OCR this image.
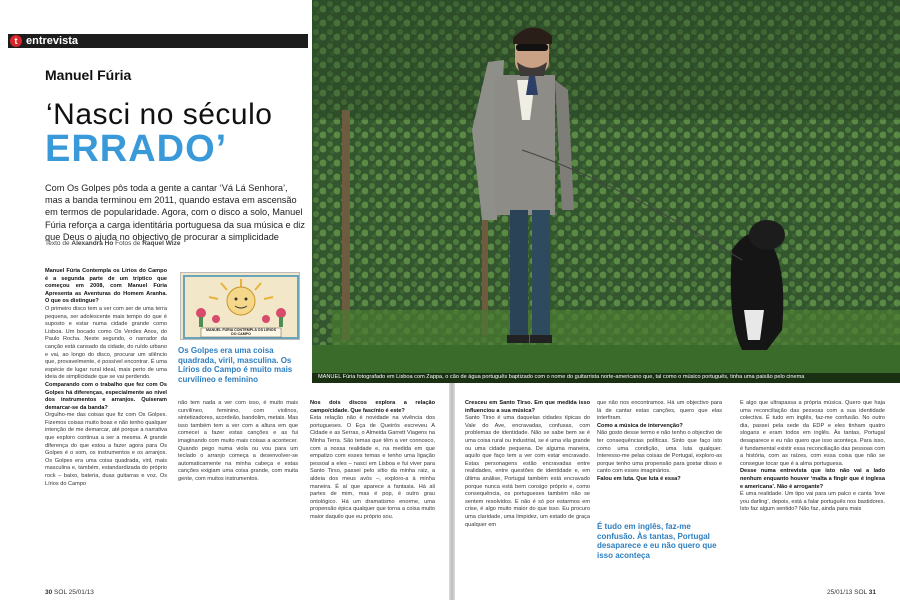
t entrevista
Manuel Fúria
‘Nasci no século
ERRADO’
Com Os Golpes pôs toda a gente a cantar ‘Vá Lá Senhora’, mas a banda terminou em 2011, quando estava em ascensão em termos de popularidade. Agora, com o disco a solo, Manuel Fúria reforça a carga identitária portuguesa da sua música e diz que Deus o ajuda no objectivo de procurar a simplicidade
Texto de Alexandra Ho Fotos de Raquel Wize
MANUEL FÚRIA CONTEMPLA OS LÍRIOS DO CAMPO
Os Golpes era uma coisa quadrada, viril, masculina. Os Lírios do Campo é muito mais curvilíneo e feminino

Manuel Fúria Contempla os Lírios do Campo é a segunda parte de um tríptico que começou em 2008, com Manuel Fúria Apresenta as Aventuras do Homem Aranha. O que os distingue?

O primeiro disco tem a ver com ser de uma terra pequena, ser adolescente mais tempo do que é suposto e estar numa cidade grande como Lisboa. Um bocado como Os Verdes Anos, do Paulo Rocha. Neste segundo, o narrador da canção está cansado da cidade, do ruído urbano e vai, ao longo do disco, procurar um silêncio que, provavelmente, é possível encontrar. É uma espécie de lugar rural ideal, mais perto de uma ideia de simplicidade que se vai perdendo.

Comparando com o trabalho que fez com Os Golpes há diferenças, especialmente ao nível dos instrumentos e arranjos. Quiseram demarcar-se da banda?

Orgulho-me das coisas que fiz com Os Golpes. Fizemos coisas muito boas e não tenho qualquer intenção de me demarcar, até porque a narrativa que exploro continua a ser a mesma. A grande diferença do que estou a fazer agora para Os Golpes é o som, os instrumentos e os arranjos. Os Golpes era uma coisa quadrada, viril, mais masculina e, também, estandardizada do próprio rock – baixo, bateria, duas guitarras e voz. Os Lírios do Campo

não tem nada a ver com isso, é muito mais curvilíneo, feminino, com violinos, sintetizadores, acordeão, bandolim, metais. Mas isso também tem a ver com a altura em que comecei a fazer estas canções e as fui imaginando com muito mais coisas a acontecer. Quando pego numa viola ou vou para um teclado o arranjo começa a desenvolver-se automaticamente na minha cabeça e estas canções exigiam uma coisa grande, com muita gente, com muitos instrumentos.

Nos dois discos explora a relação campo/cidade. Que fascínio é este?

Esta relação não é novidade na vivência dos portugueses. O Eça de Queirós escreveu A Cidade e as Serras, o Almeida Garrett Viagens na Minha Terra. São temas que têm a ver connosco, com a nossa realidade e, na medida em que empatizo com esses temas e tenho uma ligação pessoal a eles – nasci em Lisboa e fui viver para Santo Tirso, passei pelo sítio da minha raiz, a aldeia dos meus avós –, exploro-a à minha maneira. É aí que aparece a fantasia. Há ali partes de mim, mas é pop, é outro grau ontológico. Há um dramatismo enorme, uma propensão épica qualquer que torna a coisa muito maior daquilo que eu próprio sou.

30 SOL 25/01/13
MANUEL Fúria fotografado em Lisboa com Zappa, o cão de água português baptizado com o nome do guitarrista norte-americano que, tal como o músico português, tinha uma paixão pelo cinema

Cresceu em Santo Tirso. Em que medida isso influenciou a sua música?

Santo Tirso é uma daquelas cidades típicas do Vale do Ave, encravadas, confusas, com problemas de identidade. Não se sabe bem se é uma coisa rural ou industrial, se é uma vila grande ou uma cidade pequena. De alguma maneira, aquilo que faço tem a ver com estar encravado. Estas personagens estão encravadas entre realidades, entre questões de identidade e, em última análise, Portugal também está encravado porque nunca está bem consigo próprio e, como consequência, os portugueses também não se sentem resolvidos. E não é só por estarmos em crise, é algo muito maior do que isso. Eu procuro uma claridade, uma limpidez, um estado de graça qualquer em

que não nos encontramos. Há um objectivo para lá de cantar estas canções, quero que elas interfiram.

Como a música de intervenção?

Não gosto desse termo e não tenho o objectivo de ter consequências políticas. Sinto que faço isto como uma condição, uma luta qualquer. Interesso-me pelas coisas de Portugal, exploro-as porque tenho uma propensão para gostar disso e canto com esses imaginários.

Falou em luta. Que luta é essa?

É tudo em inglês, faz-me confusão. Às tantas, Portugal desaparece e eu não quero que isso aconteça

É algo que ultrapassa a própria música. Quero que haja uma reconciliação das pessoas com a sua identidade colectiva. É tudo em inglês, faz-me confusão. No outro dia, passei pela sede da EDP e eles tinham quatro slogans e eram todos em inglês. Às tantas, Portugal desaparece e eu não quero que isso aconteça. Para isso, é fundamental existir essa reconciliação das pessoas com a história, com as raízes, com essa coisa que não se consegue tocar que é a alma portuguesa.

Desse numa entrevista que isto não vai a lado nenhum enquanto houver ‘malta a fingir que é inglesa e americana’. Não é arrogante?

É uma realidade. Um tipo vai para um palco e canta ‘love you darling’, depois, está a falar português nos bastidores. Isto faz algum sentido? Não faz, ainda para mais

25/01/13 SOL 31
